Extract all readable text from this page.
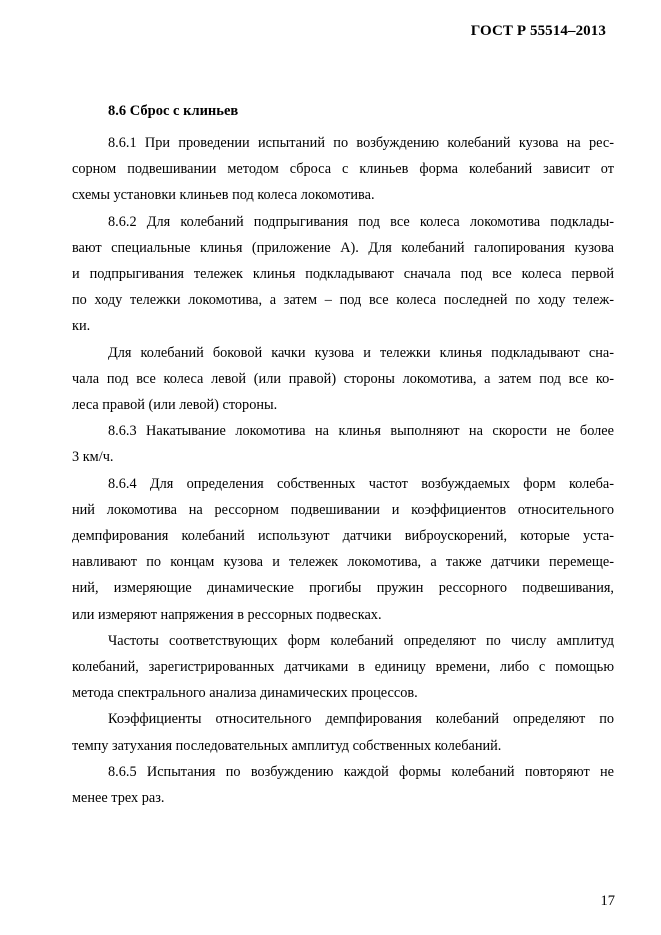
ГОСТ Р 55514–2013
8.6 Сброс с клиньев
8.6.1 При проведении испытаний по возбуждению колебаний кузова на рес-
сорном подвешивании методом сброса с клиньев форма колебаний зависит от
схемы установки клиньев под колеса локомотива.
8.6.2 Для колебаний подпрыгивания под все колеса локомотива подклады-
вают специальные клинья (приложение А). Для колебаний галопирования кузова
и подпрыгивания тележек клинья подкладывают сначала под все колеса первой
по ходу тележки локомотива, а затем – под все колеса последней по ходу тележ-
ки.
Для колебаний боковой качки кузова и тележки клинья подкладывают сна-
чала под все колеса левой (или правой) стороны локомотива, а затем под все ко-
леса правой (или левой) стороны.
8.6.3 Накатывание локомотива на клинья выполняют на скорости не более
3 км/ч.
8.6.4 Для определения собственных частот возбуждаемых форм колеба-
ний локомотива на рессорном подвешивании и коэффициентов относительного
демпфирования колебаний используют датчики виброускорений, которые уста-
навливают по концам кузова и тележек локомотива, а также датчики перемеще-
ний, измеряющие динамические прогибы пружин рессорного подвешивания,
или измеряют напряжения в рессорных подвесках.
Частоты соответствующих форм колебаний определяют по числу амплитуд
колебаний, зарегистрированных датчиками в единицу времени, либо с помощью
метода спектрального анализа динамических процессов.
Коэффициенты относительного демпфирования колебаний определяют по
темпу затухания последовательных амплитуд собственных колебаний.
8.6.5 Испытания по возбуждению каждой формы колебаний повторяют не
менее трех раз.
17
